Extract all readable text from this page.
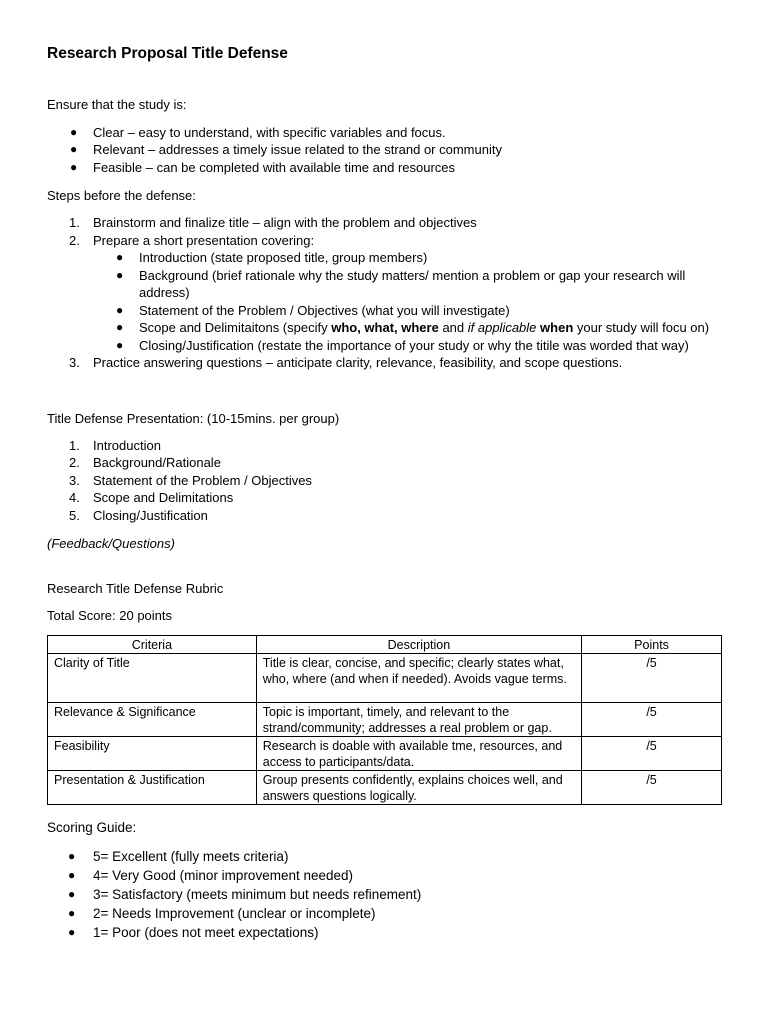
Research Proposal Title Defense
Ensure that the study is:
● Clear – easy to understand, with specific variables and focus.
● Relevant – addresses a timely issue related to the strand or community
● Feasible – can be completed with available time and resources
Steps before the defense:
1.	Brainstorm and finalize title – align with the problem and objectives
2.	Prepare a short presentation covering:
● Introduction (state proposed title, group members)
● Background (brief rationale why the study matters/ mention a problem or gap your research will
address)
● Statement of the Problem / Objectives (what you will investigate)
● Scope and Delimitaitons (specify who, what, where and if applicable when your study will focu on)
● Closing/Justification (restate the importance of your study or why the titile was worded that way)
3.	Practice answering questions – anticipate clarity, relevance, feasibility, and scope questions.
Title Defense Presentation: (10-15mins. per group)
1.	Introduction
2.	Background/Rationale
3.	Statement of the Problem / Objectives
4.	Scope and Delimitations
5.	Closing/Justification
(Feedback/Questions)
Research Title Defense Rubric
Total Score: 20 points
Criteria	Description	Points
Clarity of Title	Title is clear, concise, and specific; clearly states what, who, where (and when if needed). Avoids vague terms.	/5
Relevance & Significance	Topic is important, timely, and relevant to the strand/community; addresses a real problem or gap.	/5
Feasibility	Research is doable with available tme, resources, and access to participants/data.	/5
Presentation & Justification	Group presents confidently, explains choices well, and answers questions logically.	/5
Scoring Guide:
● 5= Excellent (fully meets criteria)
● 4= Very Good (minor improvement needed)
● 3= Satisfactory (meets minimum but needs refinement)
● 2= Needs Improvement (unclear or incomplete)
● 1= Poor (does not meet expectations)
